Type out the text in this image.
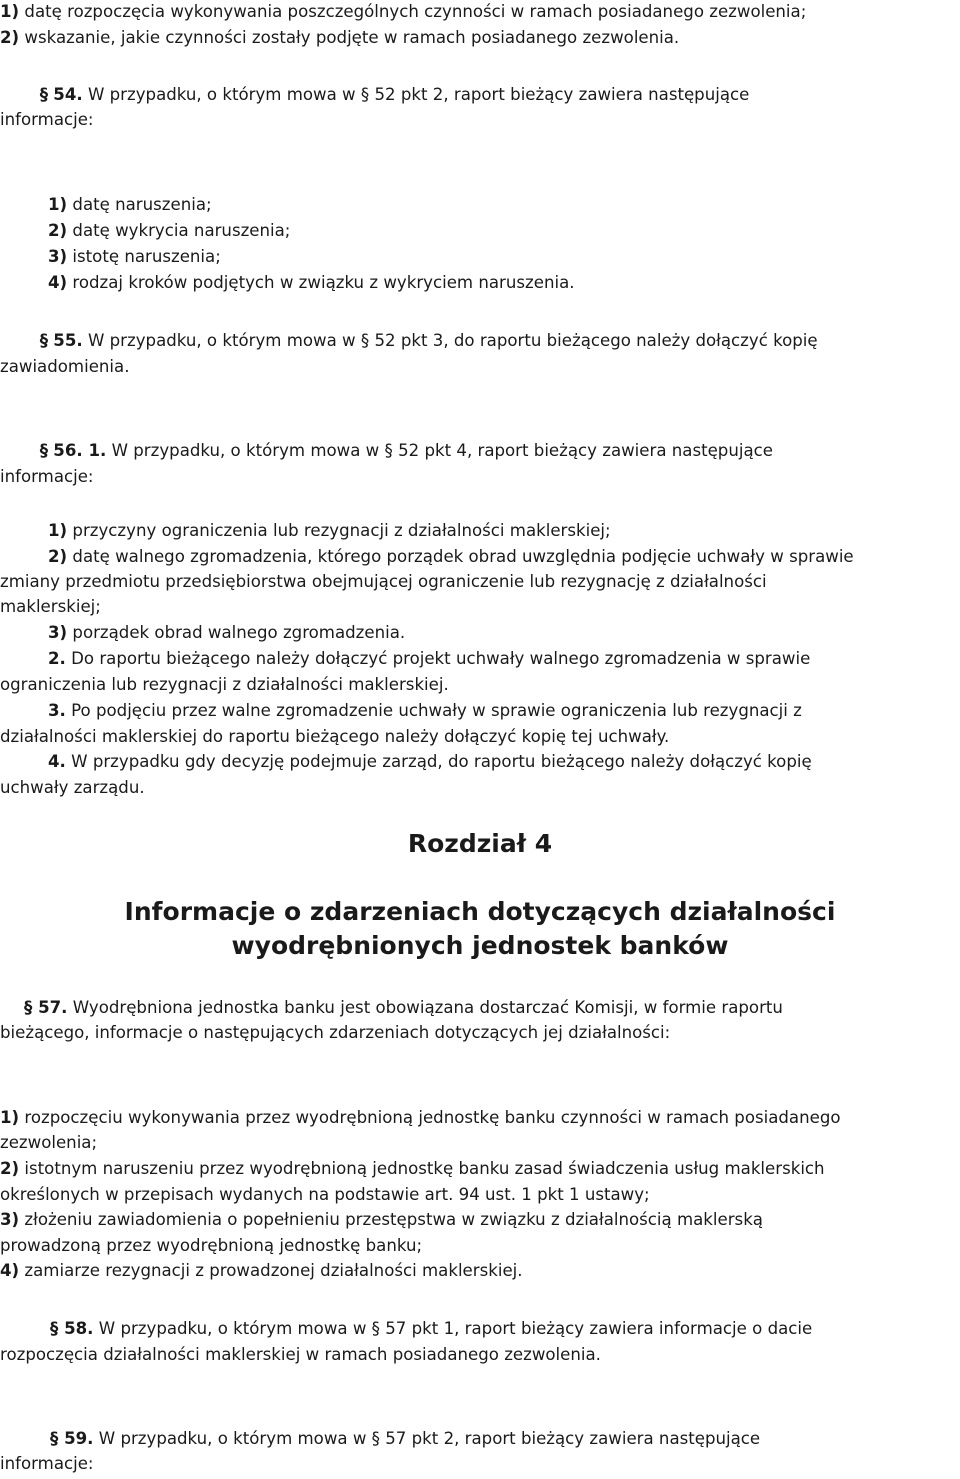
1) datę rozpoczęcia wykonywania poszczególnych czynności w ramach posiadanego zezwolenia;
2) wskazanie, jakie czynności zostały podjęte w ramach posiadanego zezwolenia.
§ 54. W przypadku, o którym mowa w § 52 pkt 2, raport bieżący zawiera następujące
informacje:
1) datę naruszenia;
2) datę wykrycia naruszenia;
3) istotę naruszenia;
4) rodzaj kroków podjętych w związku z wykryciem naruszenia.
§ 55. W przypadku, o którym mowa w § 52 pkt 3, do raportu bieżącego należy dołączyć kopię
zawiadomienia.
§ 56. 1. W przypadku, o którym mowa w § 52 pkt 4, raport bieżący zawiera następujące
informacje:
1) przyczyny ograniczenia lub rezygnacji z działalności maklerskiej;
2) datę walnego zgromadzenia, którego porządek obrad uwzględnia podjęcie uchwały w sprawie
zmiany przedmiotu przedsiębiorstwa obejmującej ograniczenie lub rezygnację z działalności
maklerskiej;
3) porządek obrad walnego zgromadzenia.
2. Do raportu bieżącego należy dołączyć projekt uchwały walnego zgromadzenia w sprawie
ograniczenia lub rezygnacji z działalności maklerskiej.
3. Po podjęciu przez walne zgromadzenie uchwały w sprawie ograniczenia lub rezygnacji z
działalności maklerskiej do raportu bieżącego należy dołączyć kopię tej uchwały.
4. W przypadku gdy decyzję podejmuje zarząd, do raportu bieżącego należy dołączyć kopię
uchwały zarządu.
Rozdział 4
Informacje o zdarzeniach dotyczących działalności
wyodrębnionych jednostek banków
§ 57. Wyodrębniona jednostka banku jest obowiązana dostarczać Komisji, w formie raportu
bieżącego, informacje o następujących zdarzeniach dotyczących jej działalności:
1) rozpoczęciu wykonywania przez wyodrębnioną jednostkę banku czynności w ramach posiadanego
zezwolenia;
2) istotnym naruszeniu przez wyodrębnioną jednostkę banku zasad świadczenia usług maklerskich
określonych w przepisach wydanych na podstawie art. 94 ust. 1 pkt 1 ustawy;
3) złożeniu zawiadomienia o popełnieniu przestępstwa w związku z działalnością maklerską
prowadzoną przez wyodrębnioną jednostkę banku;
4) zamiarze rezygnacji z prowadzonej działalności maklerskiej.
§ 58. W przypadku, o którym mowa w § 57 pkt 1, raport bieżący zawiera informacje o dacie
rozpoczęcia działalności maklerskiej w ramach posiadanego zezwolenia.
§ 59. W przypadku, o którym mowa w § 57 pkt 2, raport bieżący zawiera następujące
informacje:
